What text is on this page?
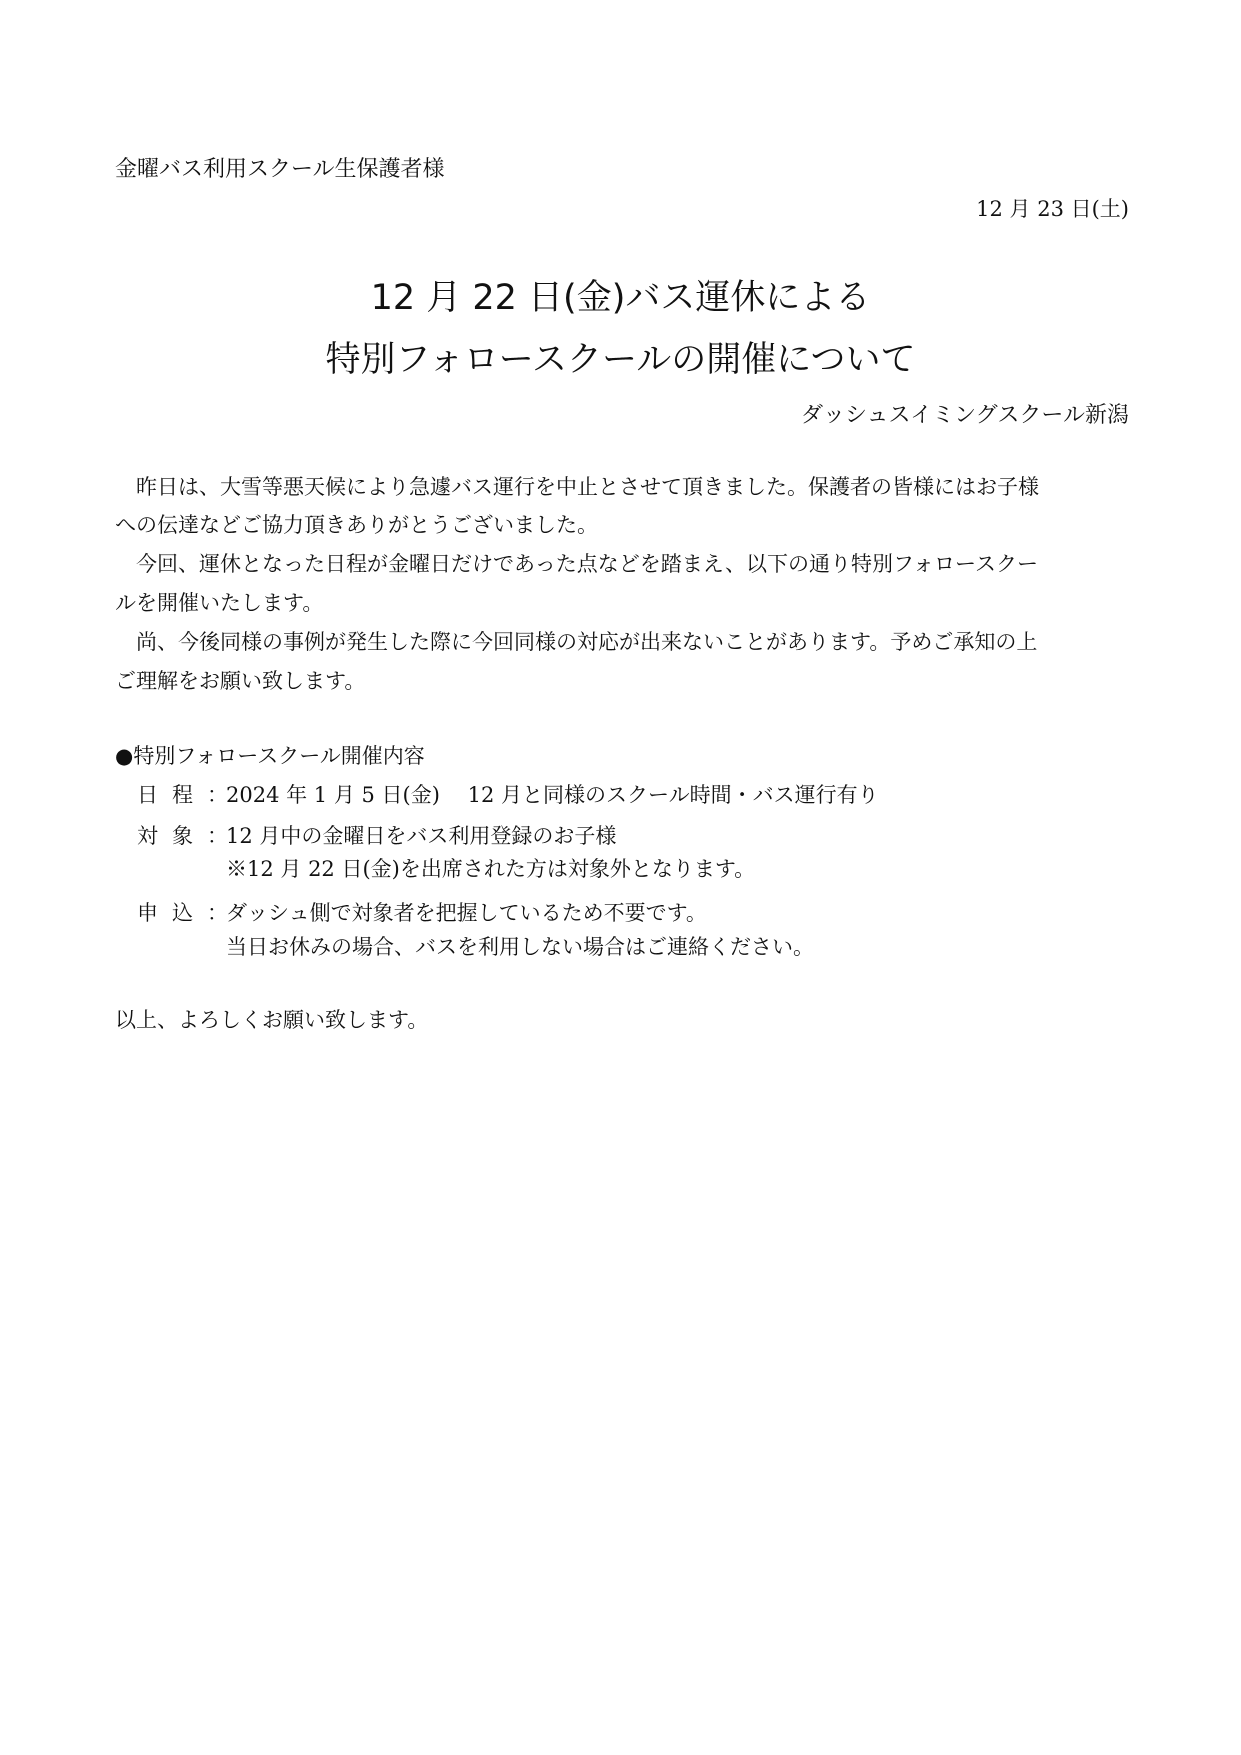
金曜バス利用スクール生保護者様
12 月 23 日(土)
12 月 22 日(金)バス運休による
特別フォロースクールの開催について
ダッシュスイミングスクール新潟
　昨日は、大雪等悪天候により急遽バス運行を中止とさせて頂きました。保護者の皆様にはお子様
への伝達などご協力頂きありがとうございました。
　今回、運休となった日程が金曜日だけであった点などを踏まえ、以下の通り特別フォロースクー
ルを開催いたします。
　尚、今後同様の事例が発生した際に今回同様の対応が出来ないことがあります。予めご承知の上
ご理解をお願い致します。
●特別フォロースクール開催内容
日程 ：
2024 年 1 月 5 日(金)　 12 月と同様のスクール時間・バス運行有り
対象 ：
12 月中の金曜日をバス利用登録のお子様
※12 月 22 日(金)を出席された方は対象外となります。
申込 ：
ダッシュ側で対象者を把握しているため不要です。
当日お休みの場合、バスを利用しない場合はご連絡ください。
以上、よろしくお願い致します。
